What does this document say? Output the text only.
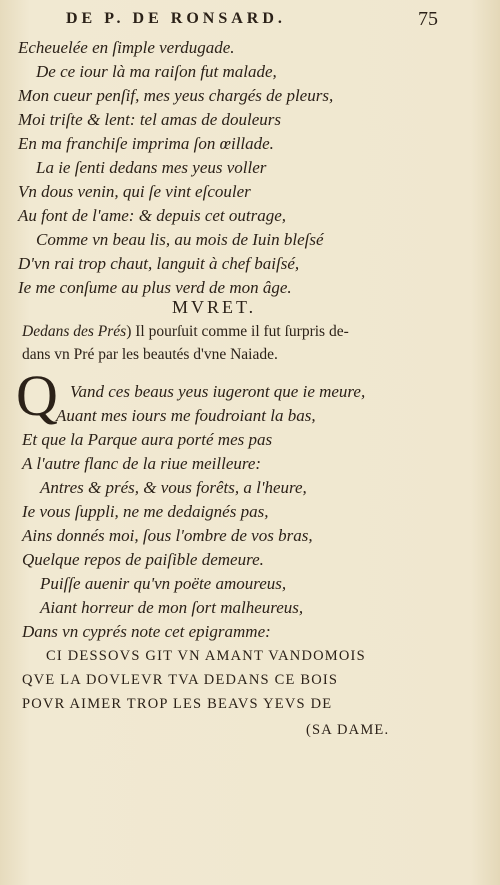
DE P. DE RONSARD.	75
Echeuelée en ſimple verdugade.
De ce iour là ma raiſon fut malade,
Mon cueur penſif, mes yeus chargés de pleurs,
Moi triſte & lent: tel amas de douleurs
En ma franchiſe imprima ſon œillade.
La ie ſenti dedans mes yeus voller
Vn dous venin, qui ſe vint eſcouler
Au font de l'ame: & depuis cet outrage,
Comme vn beau lis, au mois de Iuin bleſsé
D'vn rai trop chaut, languit à chef baiſsé,
Ie me conſume au plus verd de mon âge.
MVRET.
Dedans des Prés) Il pourſuit comme il fut ſurpris de-
dans vn Pré par les beautés d'vne Naiade.
Q Vand ces beaus yeus iugeront que ie meure,
Auant mes iours me foudroiant la bas,
Et que la Parque aura porté mes pas
A l'autre flanc de la riue meilleure:
Antres & prés, & vous forêts, a l'heure,
Ie vous ſuppli, ne me dedaignés pas,
Ains donnés moi, ſous l'ombre de vos bras,
Quelque repos de paiſible demeure.
Puiſſe auenir qu'vn poëte amoureus,
Aiant horreur de mon ſort malheureus,
Dans vn cyprés note cet epigramme:
CI DESSOVS GIT VN AMANT VANDOMOIS
QVE LA DOVLEVR TVA DEDANS CE BOIS
POVR AIMER TROP LES BEAVS YEVS DE
(SA DAME.
